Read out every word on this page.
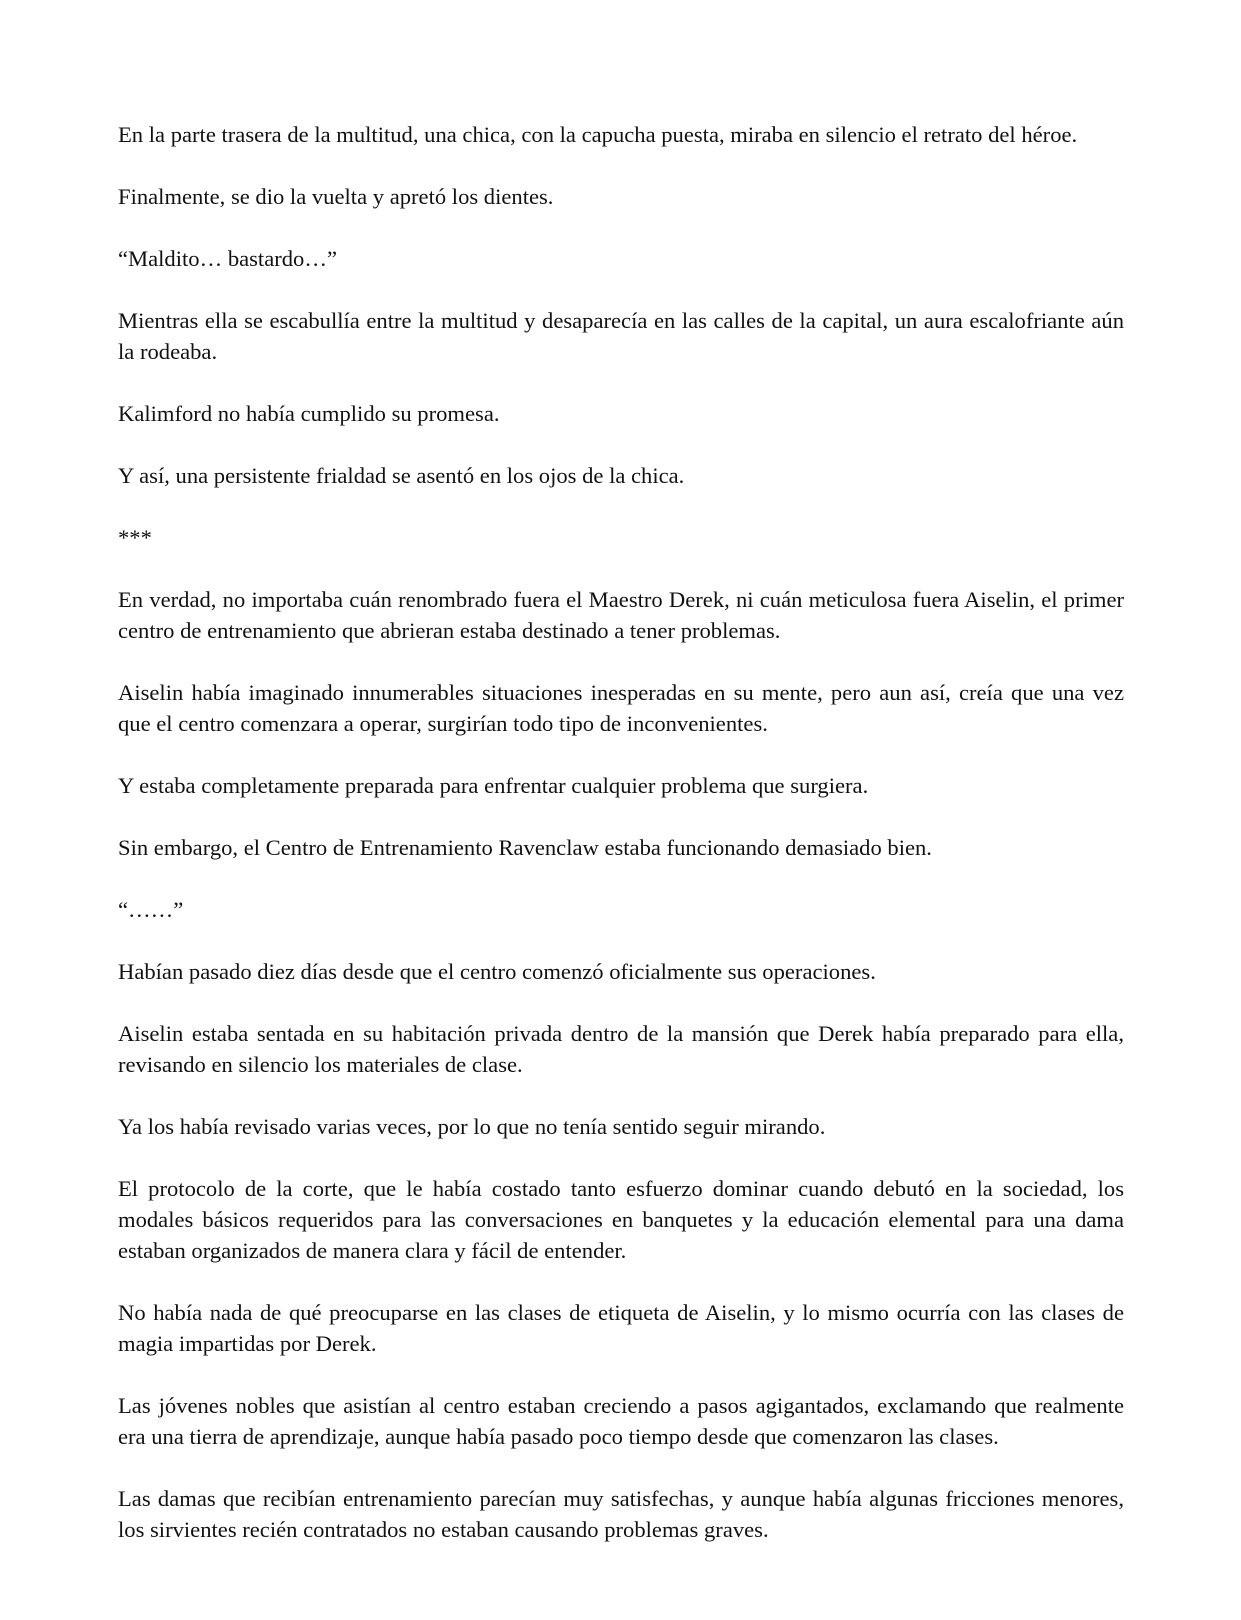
En la parte trasera de la multitud, una chica, con la capucha puesta, miraba en silencio el retrato del héroe.

Finalmente, se dio la vuelta y apretó los dientes.

“Maldito… bastardo…”

Mientras ella se escabullía entre la multitud y desaparecía en las calles de la capital, un aura escalofriante aún la rodeaba.

Kalimford no había cumplido su promesa.

Y así, una persistente frialdad se asentó en los ojos de la chica.

***

En verdad, no importaba cuán renombrado fuera el Maestro Derek, ni cuán meticulosa fuera Aiselin, el primer centro de entrenamiento que abrieran estaba destinado a tener problemas.

Aiselin había imaginado innumerables situaciones inesperadas en su mente, pero aun así, creía que una vez que el centro comenzara a operar, surgirían todo tipo de inconvenientes.

Y estaba completamente preparada para enfrentar cualquier problema que surgiera.

Sin embargo, el Centro de Entrenamiento Ravenclaw estaba funcionando demasiado bien.

“……”

Habían pasado diez días desde que el centro comenzó oficialmente sus operaciones.

Aiselin estaba sentada en su habitación privada dentro de la mansión que Derek había preparado para ella, revisando en silencio los materiales de clase.

Ya los había revisado varias veces, por lo que no tenía sentido seguir mirando.

El protocolo de la corte, que le había costado tanto esfuerzo dominar cuando debutó en la sociedad, los modales básicos requeridos para las conversaciones en banquetes y la educación elemental para una dama estaban organizados de manera clara y fácil de entender.

No había nada de qué preocuparse en las clases de etiqueta de Aiselin, y lo mismo ocurría con las clases de magia impartidas por Derek.

Las jóvenes nobles que asistían al centro estaban creciendo a pasos agigantados, exclamando que realmente era una tierra de aprendizaje, aunque había pasado poco tiempo desde que comenzaron las clases.

Las damas que recibían entrenamiento parecían muy satisfechas, y aunque había algunas fricciones menores, los sirvientes recién contratados no estaban causando problemas graves.
